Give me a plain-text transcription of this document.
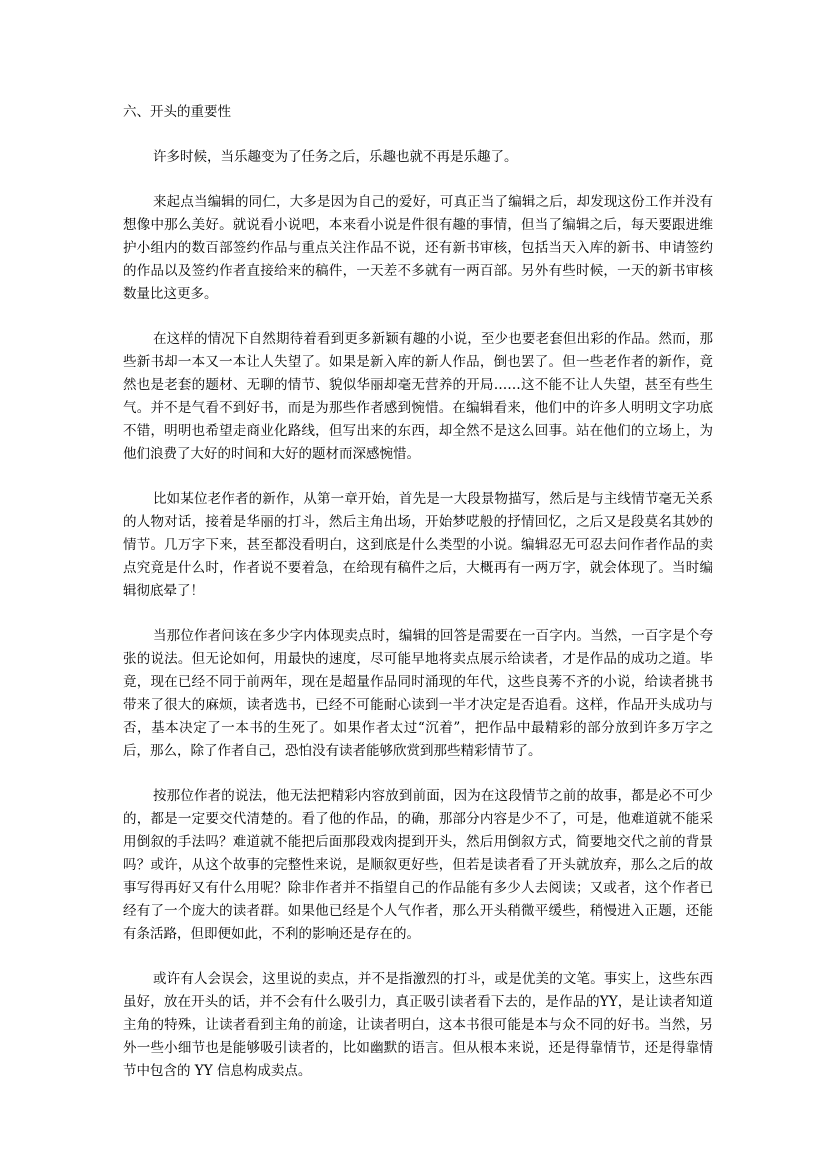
六、开头的重要性

许多时候，当乐趣变为了任务之后，乐趣也就不再是乐趣了。

来起点当编辑的同仁，大多是因为自己的爱好，可真正当了编辑之后，却发现这份工作并没有想像中那么美好。就说看小说吧，本来看小说是件很有趣的事情，但当了编辑之后，每天要跟进维护小组内的数百部签约作品与重点关注作品不说，还有新书审核，包括当天入库的新书、申请签约的作品以及签约作者直接给来的稿件，一天差不多就有一两百部。另外有些时候，一天的新书审核数量比这更多。

在这样的情况下自然期待着看到更多新颖有趣的小说，至少也要老套但出彩的作品。然而，那些新书却一本又一本让人失望了。如果是新入库的新人作品，倒也罢了。但一些老作者的新作，竟然也是老套的题材、无聊的情节、貌似华丽却毫无营养的开局……这不能不让人失望，甚至有些生气。并不是气看不到好书，而是为那些作者感到惋惜。在编辑看来，他们中的许多人明明文字功底不错，明明也希望走商业化路线，但写出来的东西，却全然不是这么回事。站在他们的立场上，为他们浪费了大好的时间和大好的题材而深感惋惜。

比如某位老作者的新作，从第一章开始，首先是一大段景物描写，然后是与主线情节毫无关系的人物对话，接着是华丽的打斗，然后主角出场，开始梦呓般的抒情回忆，之后又是段莫名其妙的情节。几万字下来，甚至都没看明白，这到底是什么类型的小说。编辑忍无可忍去问作者作品的卖点究竟是什么时，作者说不要着急，在给现有稿件之后，大概再有一两万字，就会体现了。当时编辑彻底晕了！

当那位作者问该在多少字内体现卖点时，编辑的回答是需要在一百字内。当然，一百字是个夸张的说法。但无论如何，用最快的速度，尽可能早地将卖点展示给读者，才是作品的成功之道。毕竟，现在已经不同于前两年，现在是超量作品同时涌现的年代，这些良莠不齐的小说，给读者挑书带来了很大的麻烦，读者选书，已经不可能耐心读到一半才决定是否追看。这样，作品开头成功与否，基本决定了一本书的生死了。如果作者太过“沉着”，把作品中最精彩的部分放到许多万字之后，那么，除了作者自己，恐怕没有读者能够欣赏到那些精彩情节了。

按那位作者的说法，他无法把精彩内容放到前面，因为在这段情节之前的故事，都是必不可少的，都是一定要交代清楚的。看了他的作品，的确，那部分内容是少不了，可是，他难道就不能采用倒叙的手法吗？难道就不能把后面那段戏肉提到开头，然后用倒叙方式，简要地交代之前的背景吗？或许，从这个故事的完整性来说，是顺叙更好些，但若是读者看了开头就放弃，那么之后的故事写得再好又有什么用呢？除非作者并不指望自己的作品能有多少人去阅读；又或者，这个作者已经有了一个庞大的读者群。如果他已经是个人气作者，那么开头稍微平缓些，稍慢进入正题，还能有条活路，但即便如此，不利的影响还是存在的。

或许有人会误会，这里说的卖点，并不是指激烈的打斗，或是优美的文笔。事实上，这些东西虽好，放在开头的话，并不会有什么吸引力，真正吸引读者看下去的，是作品的YY，是让读者知道主角的特殊，让读者看到主角的前途，让读者明白，这本书很可能是本与众不同的好书。当然，另外一些小细节也是能够吸引读者的，比如幽默的语言。但从根本来说，还是得靠情节，还是得靠情节中包含的 YY 信息构成卖点。
